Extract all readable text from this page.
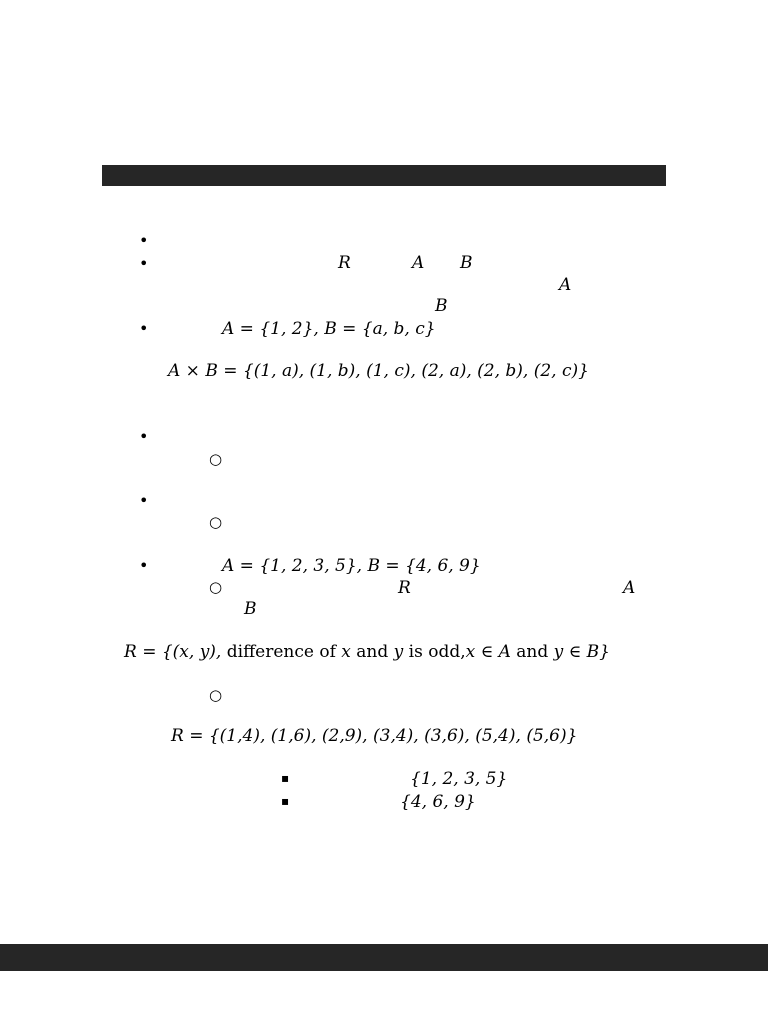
•
•
•
•
•
•
○
○
○
○
▪
▪
R	A B
A
B
A = {1, 2}, B = {a, b, c}
A × B = {(1, a), (1, b), (1, c), (2, a), (2, b), (2, c)}
A = {1, 2, 3, 5}, B = {4, 6, 9}
R	A
B
R = {(x, y), difference of x and y is odd,x ∈ A and y ∈ B}
R = {(1,4), (1,6), (2,9), (3,4), (3,6), (5,4), (5,6)}
{1, 2, 3, 5}
{4, 6, 9}
